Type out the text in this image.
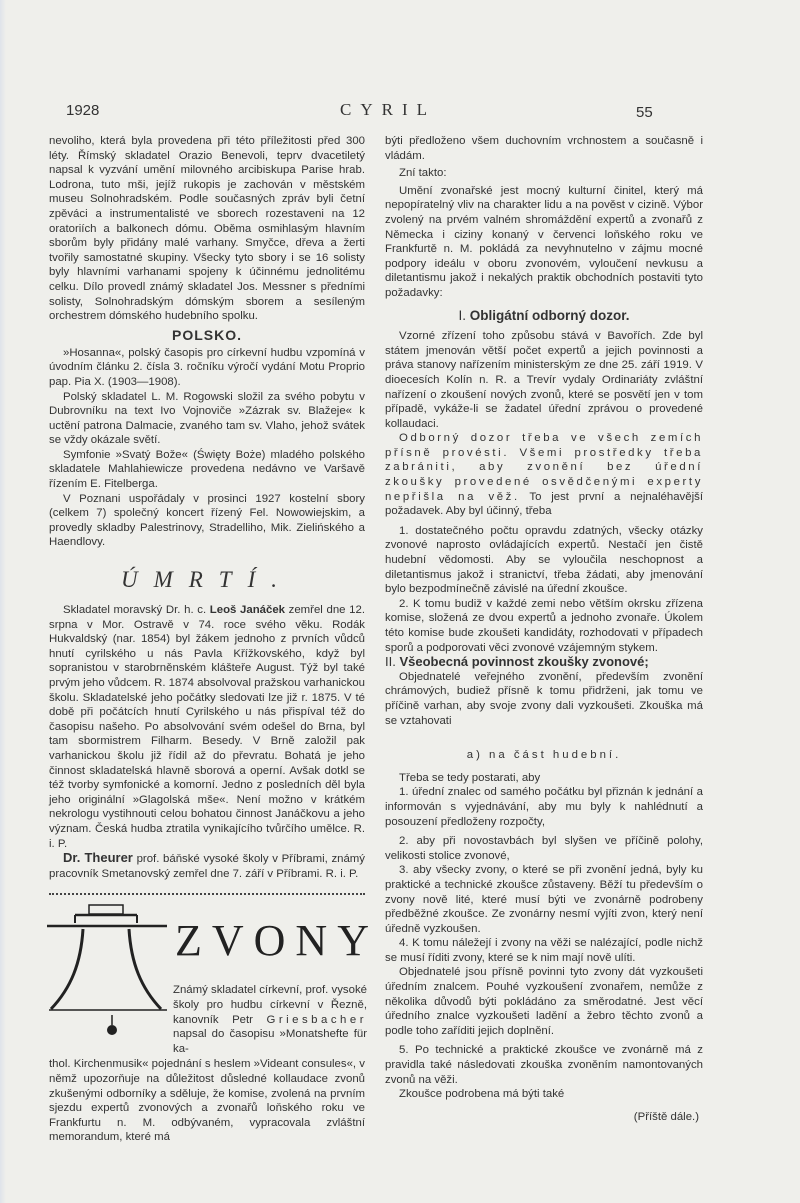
1928	CYRIL	55

nevoliho, která byla provedena při této příležitosti před 300 léty. Římský skladatel Orazio Benevoli, teprv dvacetiletý napsal k vyzvání umění milovného arcibiskupa Parise hrab. Lodrona, tuto mši, jejíž rukopis je zachován v městském museu Solnohradském. Podle současných zpráv byli četní zpěváci a instrumentalisté ve sborech rozestaveni na 12 oratoriích a balkonech dómu. Oběma osmihlasým hlavním sborům byly přidány malé varhany. Smyčce, dřeva a žerti tvořily samostatné skupiny. Všecky tyto sbory i se 16 solisty byly hlavními varhanami spojeny k účinnému jednolitému celku. Dílo provedl známý skladatel Jos. Messner s předními solisty, Solnohradským dómským sborem a sesíleným orchestrem dómského hudebního spolku.

POLSKO.

»Hosanna«, polský časopis pro církevní hudbu vzpomíná v úvodním článku 2. čísla 3. ročníku výročí vydání Motu Proprio pap. Pia X. (1903—1908).

Polský skladatel L. M. Rogowski složil za svého pobytu v Dubrovníku na text Ivo Vojnoviče »Zázrak sv. Blažeje« k uctění patrona Dalmacie, zvaného tam sv. Vlaho, jehož svátek se vždy okázale světí.

Symfonie »Svatý Bože« (Święty Boże) mladého polského skladatele Mahlahiewicze provedena nedávno ve Varšavě řízením E. Fitelberga.

V Poznani uspořádaly v prosinci 1927 kostelní sbory (celkem 7) společný koncert řízený Fel. Nowowiejskim, a provedly skladby Palestrinovy, Stradelliho, Mik. Zielińského a Haendlovy.

ÚMRTÍ.

Skladatel moravský Dr. h. c. Leoš Janáček zemřel dne 12. srpna v Mor. Ostravě v 74. roce svého věku. Rodák Hukvaldský (nar. 1854) byl žákem jednoho z prvních vůdců hnutí cyrilského u nás Pavla Křížkovského, když byl sopranistou v starobrněnském klášteře August. Týž byl také prvým jeho vůdcem. R. 1874 absolvoval pražskou varhanickou školu. Skladatelské jeho počátky sledovati lze již r. 1875. V té době při počátcích hnutí Cyrilského u nás přispíval též do časopisu našeho. Po absolvování svém odešel do Brna, byl tam sbormistrem Filharm. Besedy. V Brně založil pak varhanickou školu již řídil až do převratu. Bohatá je jeho činnost skladatelská hlavně sborová a operní. Avšak dotkl se též tvorby symfonické a komorní. Jedno z posledních děl byla jeho originální »Glagolská mše«. Není možno v krátkém nekrologu vystihnouti celou bohatou činnost Janáčkovu a jeho význam. Česká hudba ztratila vynikajícího tvůrčího umělce. R. i. P.

Dr. Theurer prof. báňské vysoké školy v Příbrami, známý pracovník Smetanovský zemřel dne 7. září v Příbrami. R. i. P.

ZVONY
Známý skladatel církevní, prof. vysoké školy pro hudbu církevní v Řezně, kanovník Petr Griesbacher napsal do časopisu »Monatshefte für ka-

thol. Kirchenmusik« pojednání s heslem »Videant consules«, v němž upozorňuje na důležitost důsledné kollaudace zvonů zkušenými odborníky a sděluje, že komise, zvolená na prvním sjezdu expertů zvonových a zvonařů loňského roku ve Frankfurtu n. M. odbývaném, vypracovala zvláštní memorandum, které má

býti předloženo všem duchovním vrchnostem a současně i vládám.

Zní takto:

Umění zvonařské jest mocný kulturní činitel, který má nepopíratelný vliv na charakter lidu a na pověst v cizině. Výbor zvolený na prvém valném shromáždění expertů a zvonařů z Německa i ciziny konaný v červenci loňského roku ve Frankfurtě n. M. pokládá za nevyhnutelno v zájmu mocné podpory ideálu v oboru zvonovém, vyloučení nevkusu a diletantismu jakož i nekalých praktik obchodních postaviti tyto požadavky:

I. Obligátní odborný dozor.

Vzorné zřízení toho způsobu stává v Bavořích. Zde byl státem jmenován větší počet expertů a jejich povinnosti a práva stanovy nařízením ministerským ze dne 25. září 1919. V dioecesích Kolín n. R. a Trevír vydaly Ordinariáty zvláštní nařízení o zkoušení nových zvonů, které se posvětí jen v tom případě, vykáže-li se žadatel úřední zprávou o provedené kollaudaci.

Odborný dozor třeba ve všech zemích přísně provésti. Všemi prostředky třeba zabrániti, aby zvonění bez úřední zkoušky provedené osvědčenými experty nepřišla na věž. To jest první a nejnaléhavější požadavek. Aby byl účinný, třeba

1. dostatečného počtu opravdu zdatných, všecky otázky zvonové naprosto ovládajících expertů. Nestačí jen čistě hudební vědomosti. Aby se vyloučila neschopnost a diletantismus jakož i stranictví, třeba žádati, aby jmenování bylo bezpodmínečně závislé na úřední zkoušce.

2. K tomu budiž v každé zemi nebo větším okrsku zřízena komise, složená ze dvou expertů a jednoho zvonaře. Úkolem této komise bude zkoušeti kandidáty, rozhodovati v případech sporů a podporovati věci zvonové vzájemným stykem.

II. Všeobecná povinnost zkoušky zvonové;

Objednatelé veřejného zvonění, především zvonění chrámových, budiež přísně k tomu přidrženi, jak tomu ve příčině varhan, aby svoje zvony dali vyzkoušeti. Zkouška má se vztahovati

a) na část hudební.

Třeba se tedy postarati, aby

1. úřední znalec od samého počátku byl přiznán k jednání a informován s vyjednávání, aby mu byly k nahlédnutí a posouzení předloženy rozpočty,

2. aby při novostavbách byl slyšen ve příčině polohy, velikosti stolice zvonové,

3. aby všecky zvony, o které se při zvonění jedná, byly ku praktické a technické zkoušce zůstaveny. Běží tu především o zvony nově lité, které musí býti ve zvonárně podrobeny předběžné zkoušce. Ze zvonárny nesmí vyjíti zvon, který není úředně vyzkoušen.

4. K tomu náležejí i zvony na věži se nalézající, podle nichž se musí říditi zvony, které se k nim mají nově ulíti.

Objednatelé jsou přísně povinni tyto zvony dát vyzkoušeti úředním znalcem. Pouhé vyzkoušení zvonařem, nemůže z několika důvodů býti pokládáno za směrodatné. Jest věcí úředního znalce vyzkoušeti ladění a žebro těchto zvonů a podle toho zaříditi jejich doplnění.

5. Po technické a praktické zkoušce ve zvonárně má z pravidla také následovati zkouška zvoněním namontovaných zvonů na věži.

Zkoušce podrobena má býti také

(Příště dále.)
